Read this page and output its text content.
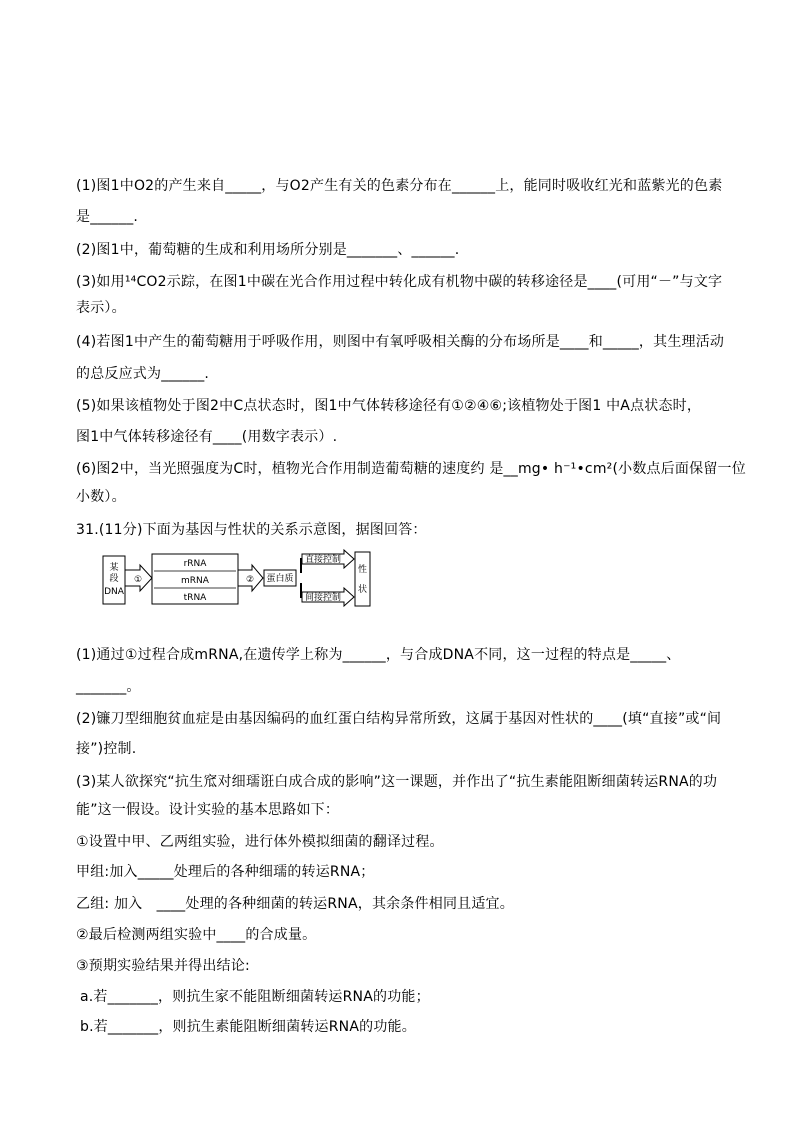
(1)图1中O2的产生来自_____，与O2产生有关的色素分布在______上，能同时吸收红光和蓝紫光的色素
是______.
(2)图1中，葡萄糖的生成和利用场所分别是_______、______.
(3)如用¹⁴CO2示踪，在图1中碳在光合作用过程中转化成有机物中碳的转移途径是____(可用“－”与文字
表示）。
(4)若图1中产生的葡萄糖用于呼吸作用，则图中有氧呼吸相关酶的分布场所是____和_____，其生理活动
的总反应式为______.
(5)如果该植物处于图2中C点状态时，图1中气体转移途径有①②④⑥;该植物处于图1 中A点状态时，
图1中气体转移途径有____(用数字表示）.
(6)图2中，当光照强度为C时，植物光合作用制造葡萄糖的速度约 是__mg• h⁻¹•cm²(小数点后面保留一位
小数）。
31.(11分)下面为基因与性状的关系示意图，据图回答：
某
段
DNA
①
rRNA
mRNA
tRNA
② 蛋白质
直接控制
间接控制
性
状
(1)通过①过程合成mRNA,在遗传学上称为______，与合成DNA不同，这一过程的特点是_____、
_______。
(2)镰刀型细胞贫血症是由基因编码的血红蛋白结构异常所致，这属于基因对性状的____(填“直接”或“间
接”)控制.
(3)某人欲探究“抗生窊对细瓀诳白成合成的影响”这一课题，并作出了“抗生素能阻断细菌转运RNA的功
能”这一假设。设计实验的基本思路如下：
①设置中甲、乙两组实验，进行体外模拟细菌的翻译过程。
甲组:加入_____处理后的各种细瓀的转运RNA；
乙组: 加入　____处理的各种细菌的转运RNA，其余条件相同且适宜。
②最后检测两组实验中____的合成量。
③预期实验结果并得出结论:
a.若_______，则抗生家不能阻断细菌转运RNA的功能；
b.若_______，则抗生素能阻断细菌转运RNA的功能。
